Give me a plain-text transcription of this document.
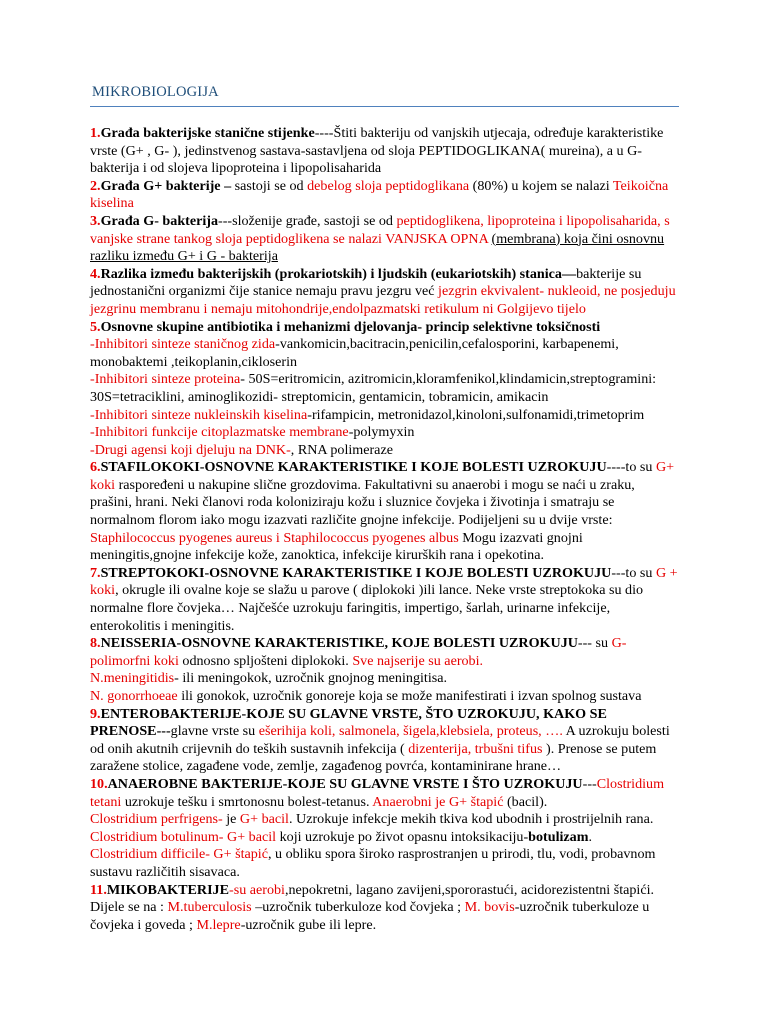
MIKROBIOLOGIJA

1.Građa bakterijske stanične stijenke----Štiti bakteriju od vanjskih utjecaja, određuje karakteristike vrste (G+ , G- ), jedinstvenog sastava-sastavljena od sloja PEPTIDOGLIKANA( mureina), a u G-bakterija i od slojeva lipoproteina i lipopolisaharida

2.Građa G+ bakterije – sastoji se od debelog sloja peptidoglikana (80%) u kojem se nalazi Teikoična kiselina

3.Građa G- bakterija---složenije građe, sastoji se od peptidoglikena, lipoproteina i lipopolisaharida, s vanjske strane tankog sloja peptidoglikena se nalazi VANJSKA OPNA (membrana) koja čini osnovnu razliku između G+ i G - bakterija

4.Razlika između bakterijskih (prokariotskih) i ljudskih (eukariotskih) stanica—bakterije su jednostanični organizmi čije stanice nemaju pravu jezgru već jezgrin ekvivalent- nukleoid, ne posjeduju jezgrinu membranu i nemaju mitohondrije,endolpazmatski retikulum ni Golgijevo tijelo

5.Osnovne skupine antibiotika i mehanizmi djelovanja- princip selektivne toksičnosti

-Inhibitori sinteze staničnog zida-vankomicin,bacitracin,penicilin,cefalosporini, karbapenemi, monobaktemi ,teikoplanin,cikloserin

-Inhibitori sinteze proteina- 50S=eritromicin, azitromicin,kloramfenikol,klindamicin,streptogramini: 30S=tetraciklini, aminoglikozidi- streptomicin, gentamicin, tobramicin, amikacin

-Inhibitori sinteze nukleinskih kiselina-rifampicin, metronidazol,kinoloni,sulfonamidi,trimetoprim

-Inhibitori funkcije citoplazmatske membrane-polymyxin

-Drugi agensi koji djeluju na DNK-, RNA polimeraze

6.STAFILOKOKI-OSNOVNE KARAKTERISTIKE I KOJE BOLESTI UZROKUJU----to su G+ koki raspoređeni u nakupine slične grozdovima. Fakultativni su anaerobi i mogu se naći u zraku, prašini, hrani. Neki članovi roda koloniziraju kožu i sluznice čovjeka i životinja i smatraju se normalnom florom iako mogu izazvati različite gnojne infekcije. Podijeljeni su u dvije vrste: Staphilococcus pyogenes aureus i Staphilococcus pyogenes albus Mogu izazvati gnojni meningitis,gnojne infekcije kože, zanoktica, infekcije kirurških rana i opekotina.

7.STREPTOKOKI-OSNOVNE KARAKTERISTIKE I KOJE BOLESTI UZROKUJU---to su G + koki, okrugle ili ovalne koje se slažu u parove ( diplokoki )ili lance. Neke vrste streptokoka su dio normalne flore čovjeka… Najčešće uzrokuju faringitis, impertigo, šarlah, urinarne infekcije, enterokolitis i meningitis.

8.NEISSERIA-OSNOVNE KARAKTERISTIKE, KOJE BOLESTI UZROKUJU--- su G- polimorfni koki odnosno spljošteni diplokoki. Sve najserije su aerobi.

N.meningitidis- ili meningokok, uzročnik gnojnog meningitisa.

N. gonorrhoeae ili gonokok, uzročnik gonoreje koja se može manifestirati i izvan spolnog sustava

9.ENTEROBAKTERIJE-KOJE SU GLAVNE VRSTE, ŠTO UZROKUJU, KAKO SE PRENOSE---glavne vrste su ešerihija koli, salmonela, šigela,klebsiela, proteus, …. A uzrokuju bolesti od onih akutnih crijevnih do teških sustavnih infekcija ( dizenterija, trbušni tifus ). Prenose se putem zaražene stolice, zagađene vode, zemlje, zagađenog povrća, kontaminirane hrane…

10.ANAEROBNE BAKTERIJE-KOJE SU GLAVNE VRSTE I ŠTO UZROKUJU---Clostridium tetani uzrokuje tešku i smrtonosnu bolest-tetanus. Anaerobni je G+ štapić (bacil).

Clostridium perfrigens- je G+ bacil. Uzrokuje infekcje mekih tkiva kod ubodnih i prostrijelnih rana.

Clostridium botulinum- G+ bacil koji uzrokuje po život opasnu intoksikaciju-botulizam.

Clostridium difficile- G+ štapić, u obliku spora široko rasprostranjen u prirodi, tlu, vodi, probavnom sustavu različitih sisavaca.

11.MIKOBAKTERIJE-su aerobi,nepokretni, lagano zavijeni,spororastući, acidorezistentni štapići. Dijele se na : M.tuberculosis –uzročnik tuberkuloze kod čovjeka ; M. bovis-uzročnik tuberkuloze u čovjeka i goveda ; M.lepre-uzročnik gube ili lepre.
